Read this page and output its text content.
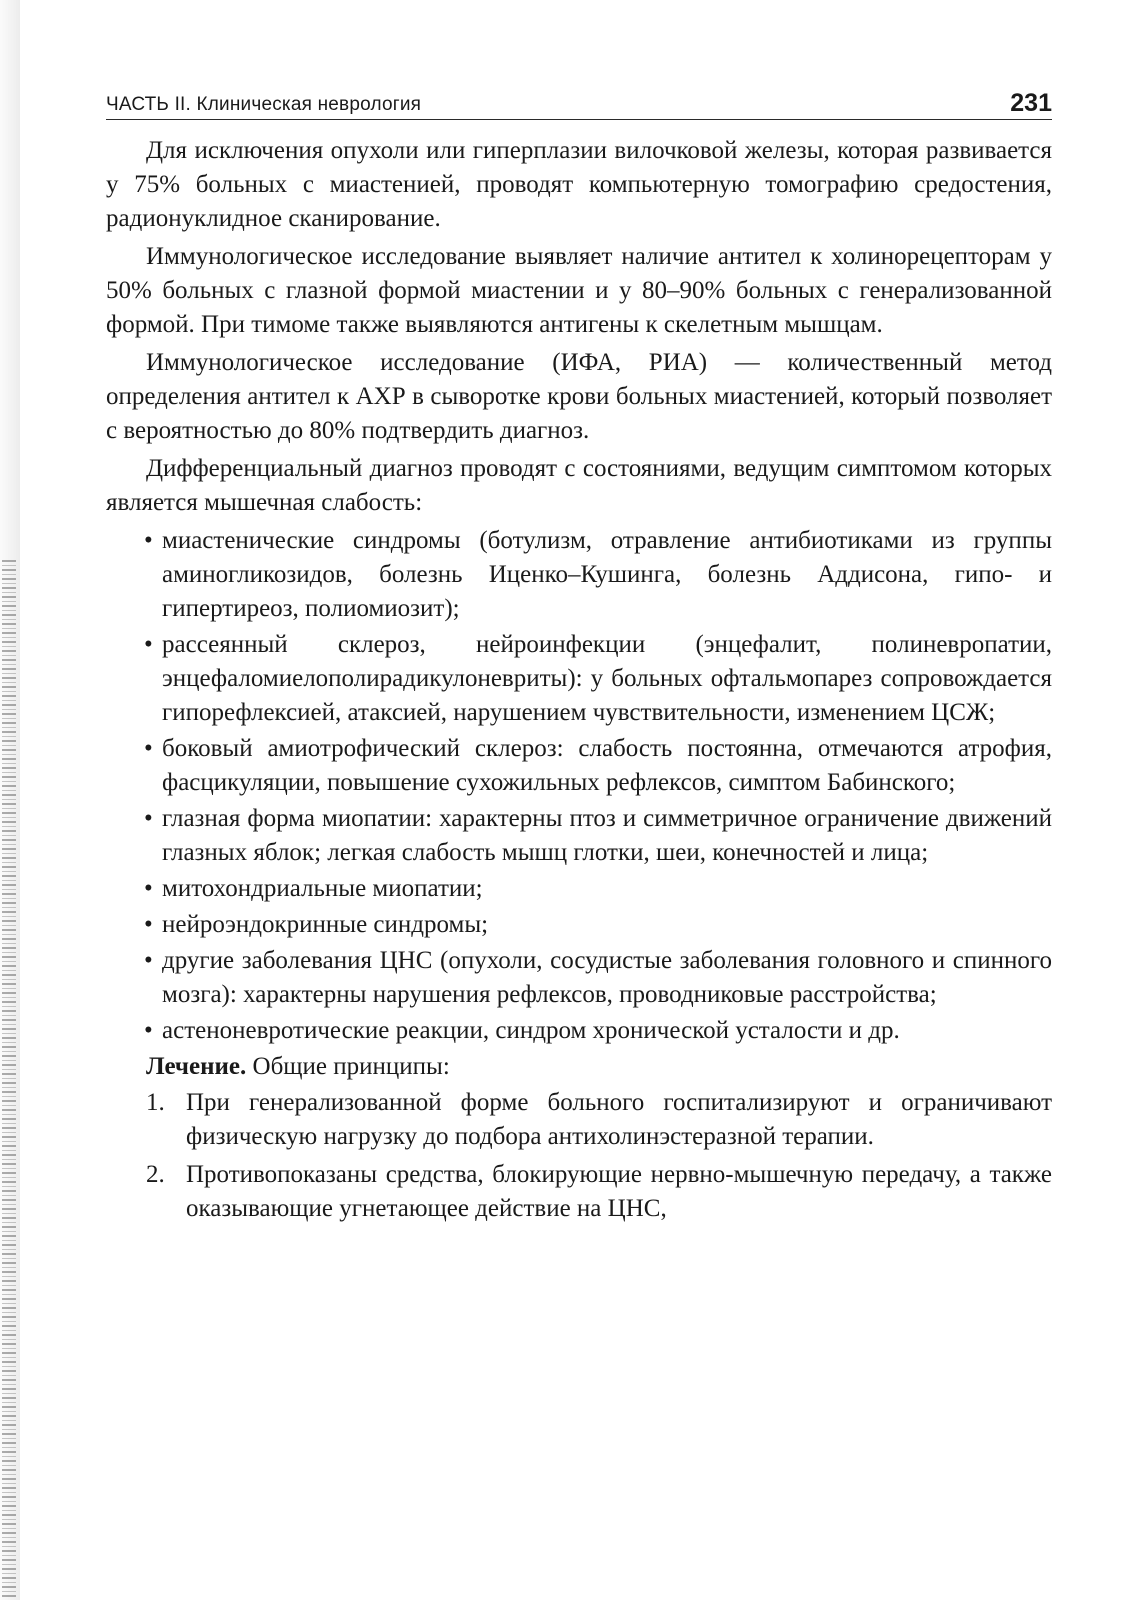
ЧАСТЬ II. Клиническая неврология	231

Для исключения опухоли или гиперплазии вилочковой железы, которая развивается у 75% больных с миастенией, проводят компьютерную томографию средостения, радионуклидное сканирование.

Иммунологическое исследование выявляет наличие антител к холинорецепторам у 50% больных с глазной формой миастении и у 80–90% больных с генерализованной формой. При тимоме также выявляются антигены к скелетным мышцам.

Иммунологическое исследование (ИФА, РИА) — количественный метод определения антител к АХР в сыворотке крови больных миастенией, который позволяет с вероятностью до 80% подтвердить диагноз.

Дифференциальный диагноз проводят с состояниями, ведущим симптомом которых является мышечная слабость:

• миастенические синдромы (ботулизм, отравление антибиотиками из группы аминогликозидов, болезнь Иценко–Кушинга, болезнь Аддисона, гипо- и гипертиреоз, полиомиозит);
• рассеянный склероз, нейроинфекции (энцефалит, полиневропатии, энцефаломиелополирадикулоневриты): у больных офтальмопарез сопровождается гипорефлексией, атаксией, нарушением чувствительности, изменением ЦСЖ;
• боковый амиотрофический склероз: слабость постоянна, отмечаются атрофия, фасцикуляции, повышение сухожильных рефлексов, симптом Бабинского;
• глазная форма миопатии: характерны птоз и симметричное ограничение движений глазных яблок; легкая слабость мышц глотки, шеи, конечностей и лица;
• митохондриальные миопатии;
• нейроэндокринные синдромы;
• другие заболевания ЦНС (опухоли, сосудистые заболевания головного и спинного мозга): характерны нарушения рефлексов, проводниковые расстройства;
• астеноневротические реакции, синдром хронической усталости и др.

Лечение. Общие принципы:

1. При генерализованной форме больного госпитализируют и ограничивают физическую нагрузку до подбора антихолинэстеразной терапии.
2. Противопоказаны средства, блокирующие нервно-мышечную передачу, а также оказывающие угнетающее действие на ЦНС,
